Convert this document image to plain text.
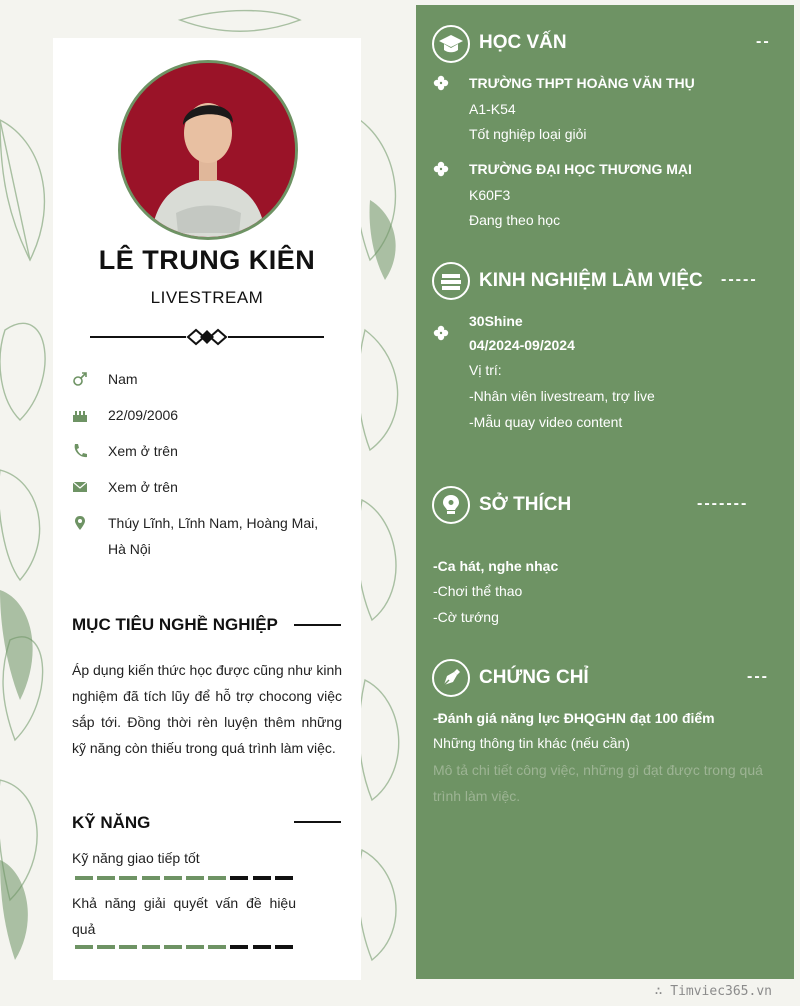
LÊ TRUNG KIÊN
LIVESTREAM
Nam
22/09/2006
Xem ở trên
Xem ở trên
Thúy Lĩnh, Lĩnh Nam, Hoàng Mai, Hà Nội
MỤC TIÊU NGHỀ NGHIỆP
Áp dụng kiến thức học được cũng như kinh nghiệm đã tích lũy để hỗ trợ chocong việc sắp tới. Đồng thời rèn luyện thêm những kỹ năng còn thiếu trong quá trình làm việc.
KỸ NĂNG
Kỹ năng giao tiếp tốt
Khả năng giải quyết vấn đề hiệu quả
HỌC VẤN	--
TRƯỜNG THPT HOÀNG VĂN THỤ
A1-K54
Tốt nghiệp loại giỏi
TRƯỜNG ĐẠI HỌC THƯƠNG MẠI
K60F3
Đang theo học
KINH NGHIỆM LÀM VIỆC -----
30Shine
04/2024-09/2024
Vị trí:
-Nhân viên livestream, trợ live
-Mẫu quay video content
SỞ THÍCH	-------
-Ca hát, nghe nhạc
-Chơi thể thao
-Cờ tướng
CHỨNG CHỈ	---
-Đánh giá năng lực ĐHQGHN đạt 100 điểm
Những thông tin khác (nếu cần)
Mô tả chi tiết công việc, những gì đạt được trong quá trình làm việc.
∴ Timviec365.vn
